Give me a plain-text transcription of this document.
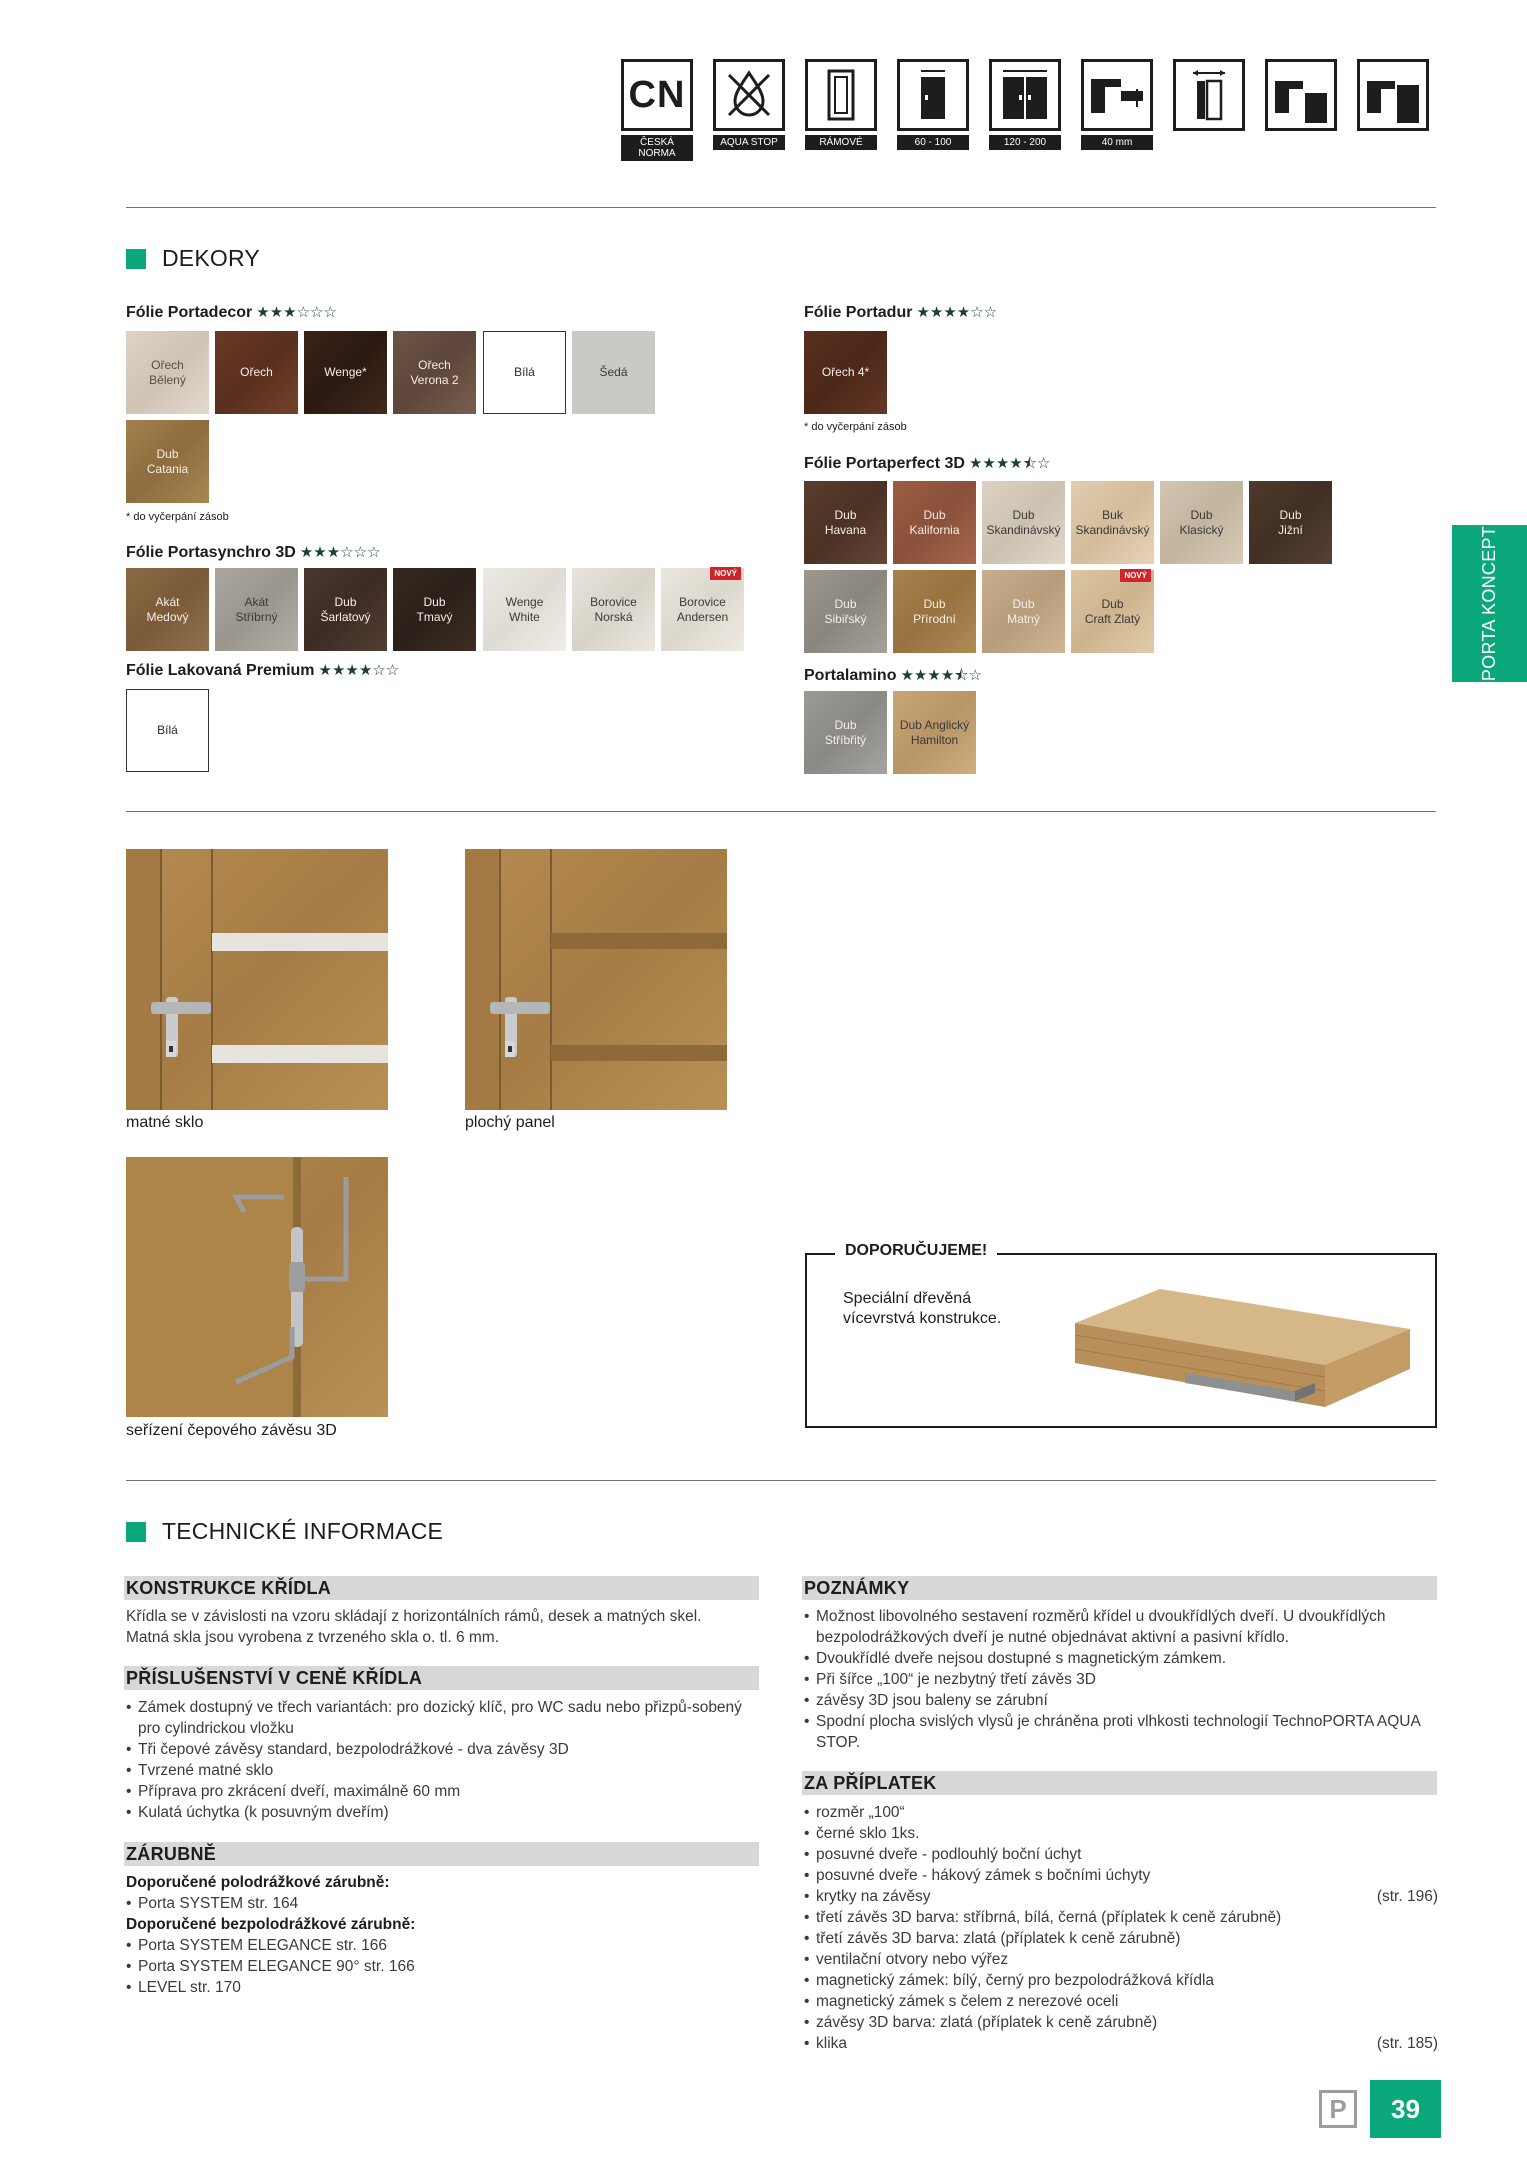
CN
ČESKÁ
NORMA
AQUA STOP	RÁMOVÉ	60 - 100	120 - 200	40 mm
DEKORY
Fólie Portadecor ★★★☆☆☆
Ořech
Bělený
Ořech	Wenge*
Ořech
Verona 2
Bílá	Šedá
Dub
Catania
* do vyčerpání zásob
Fólie Portasynchro 3D ★★★☆☆☆
Akát
Medový
Akát
Stříbrný
Dub
Šarlatový
Dub
Tmavý
Wenge
White
Borovice
Norská
Borovice
Andersen
NOVÝ
Fólie Lakovaná Premium ★★★★☆☆
Bílá
Fólie Portadur ★★★★☆☆
Ořech 4*
* do vyčerpání zásob
Fólie Portaperfect 3D ★★★★⯪☆
Dub
Havana
Dub
Kalifornia
Dub
Skandinávský
Buk
Skandinávský
Dub
Klasický
Dub
Jižní
Dub
Sibiřský
Dub
Přírodní
Dub
Matný
Dub
Craft Zlatý
NOVÝ
Portalamino ★★★★⯪☆
Dub
Stříbřitý
Dub Anglický
Hamilton
matné sklo	plochý panel
seřízení čepového závěsu 3D
DOPORUČUJEME!
Speciální dřevěná vícevrstvá konstrukce.
TECHNICKÉ INFORMACE
KONSTRUKCE KŘÍDLA
Křídla se v závislosti na vzoru skládají z horizontálních rámů, desek a matných skel. Matná skla jsou vyrobena z tvrzeného skla o. tl. 6 mm.
PŘÍSLUŠENSTVÍ V CENĚ KŘÍDLA
• Zámek dostupný ve třech variantách: pro dozický klíč, pro WC sadu nebo přizpů-sobený pro cylindrickou vložku
• Tři čepové závěsy standard, bezpolodrážkové - dva závěsy 3D
• Tvrzené matné sklo
• Příprava pro zkrácení dveří, maximálně 60 mm
• Kulatá úchytka (k posuvným dveřím)
ZÁRUBNĚ
Doporučené polodrážkové zárubně:
• Porta SYSTEM str. 164
Doporučené bezpolodrážkové zárubně:
• Porta SYSTEM ELEGANCE str. 166
• Porta SYSTEM ELEGANCE 90° str. 166
• LEVEL str. 170
POZNÁMKY
• Možnost libovolného sestavení rozměrů křídel u dvoukřídlých dveří. U dvoukřídlých bezpolodrážkových dveří je nutné objednávat aktivní a pasivní křídlo.
• Dvoukřídlé dveře nejsou dostupné s magnetickým zámkem.
• Při šířce „100“ je nezbytný třetí závěs 3D
• závěsy 3D jsou baleny se zárubní
• Spodní plocha svislých vlysů je chráněna proti vlhkosti technologií TechnoPORTA AQUA STOP.
ZA PŘÍPLATEK
• rozměr „100“
• černé sklo 1ks.
• posuvné dveře - podlouhlý boční úchyt
• posuvné dveře - hákový zámek s bočními úchyty
• krytky na závěsy	(str. 196)
• třetí závěs 3D barva: stříbrná, bílá, černá (příplatek k ceně zárubně)
• třetí závěs 3D barva: zlatá (příplatek k ceně zárubně)
• ventilační otvory nebo výřez
• magnetický zámek: bílý, černý pro bezpolodrážková křídla
• magnetický zámek s čelem z nerezové oceli
• závěsy 3D barva: zlatá (příplatek k ceně zárubně)
• klika	(str. 185)
PORTA KONCEPT
P	39
